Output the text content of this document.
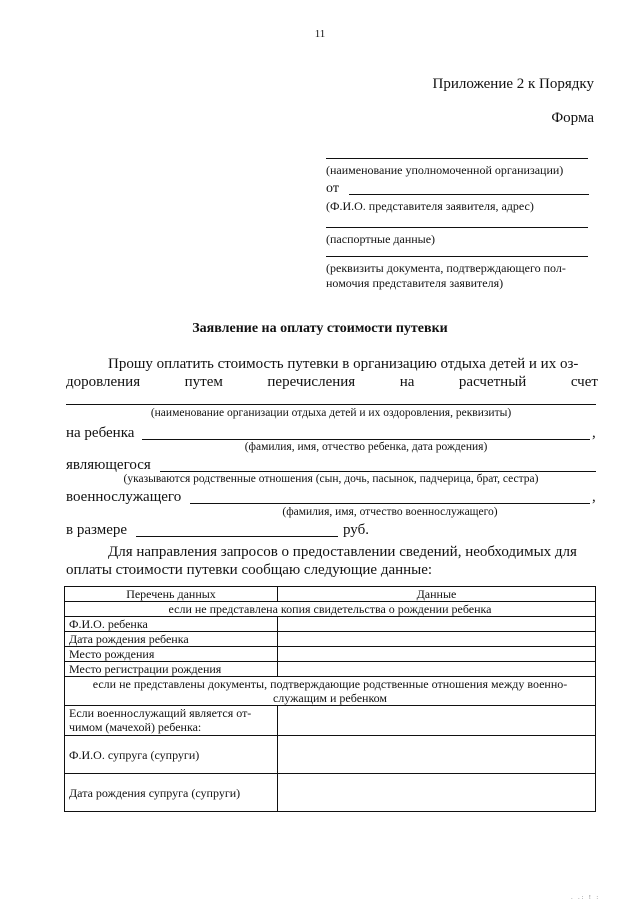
11
Приложение 2 к Порядку
Форма
(наименование уполномоченной организации)
от
(Ф.И.О. представителя заявителя, адрес)
(паспортные данные)
(реквизиты документа, подтверждающего пол-
номочия представителя заявителя)
Заявление на оплату стоимости путевки
Прошу оплатить стоимость путевки в организацию отдыха детей и их оз-
доровления	путем	перечисления	на	расчетный	счет
(наименование организации отдыха детей и их оздоровления, реквизиты)
на ребенка	,
(фамилия, имя, отчество ребенка, дата рождения)
являющегося
(указываются родственные отношения (сын, дочь, пасынок, падчерица, брат, сестра)
военнослужащего	,
(фамилия, имя, отчество военнослужащего)
в размере	руб.
Для направления запросов о предоставлении сведений, необходимых для
оплаты стоимости путевки сообщаю следующие данные:
Перечень данных	Данные
если не представлена копия свидетельства о рождении ребенка	
Ф.И.О. ребенка	
Дата рождения ребенка	
Место рождения	
Место регистрации рождения	

если не представлены документы, подтверждающие родственные отношения между военно-
служащим и ребенком	

Если военнослужащий является от-
чимом (мачехой) ребенка:	

Ф.И.О. супруга (супруги)	
Дата рождения супруга (супруги)	
. .: ! :
